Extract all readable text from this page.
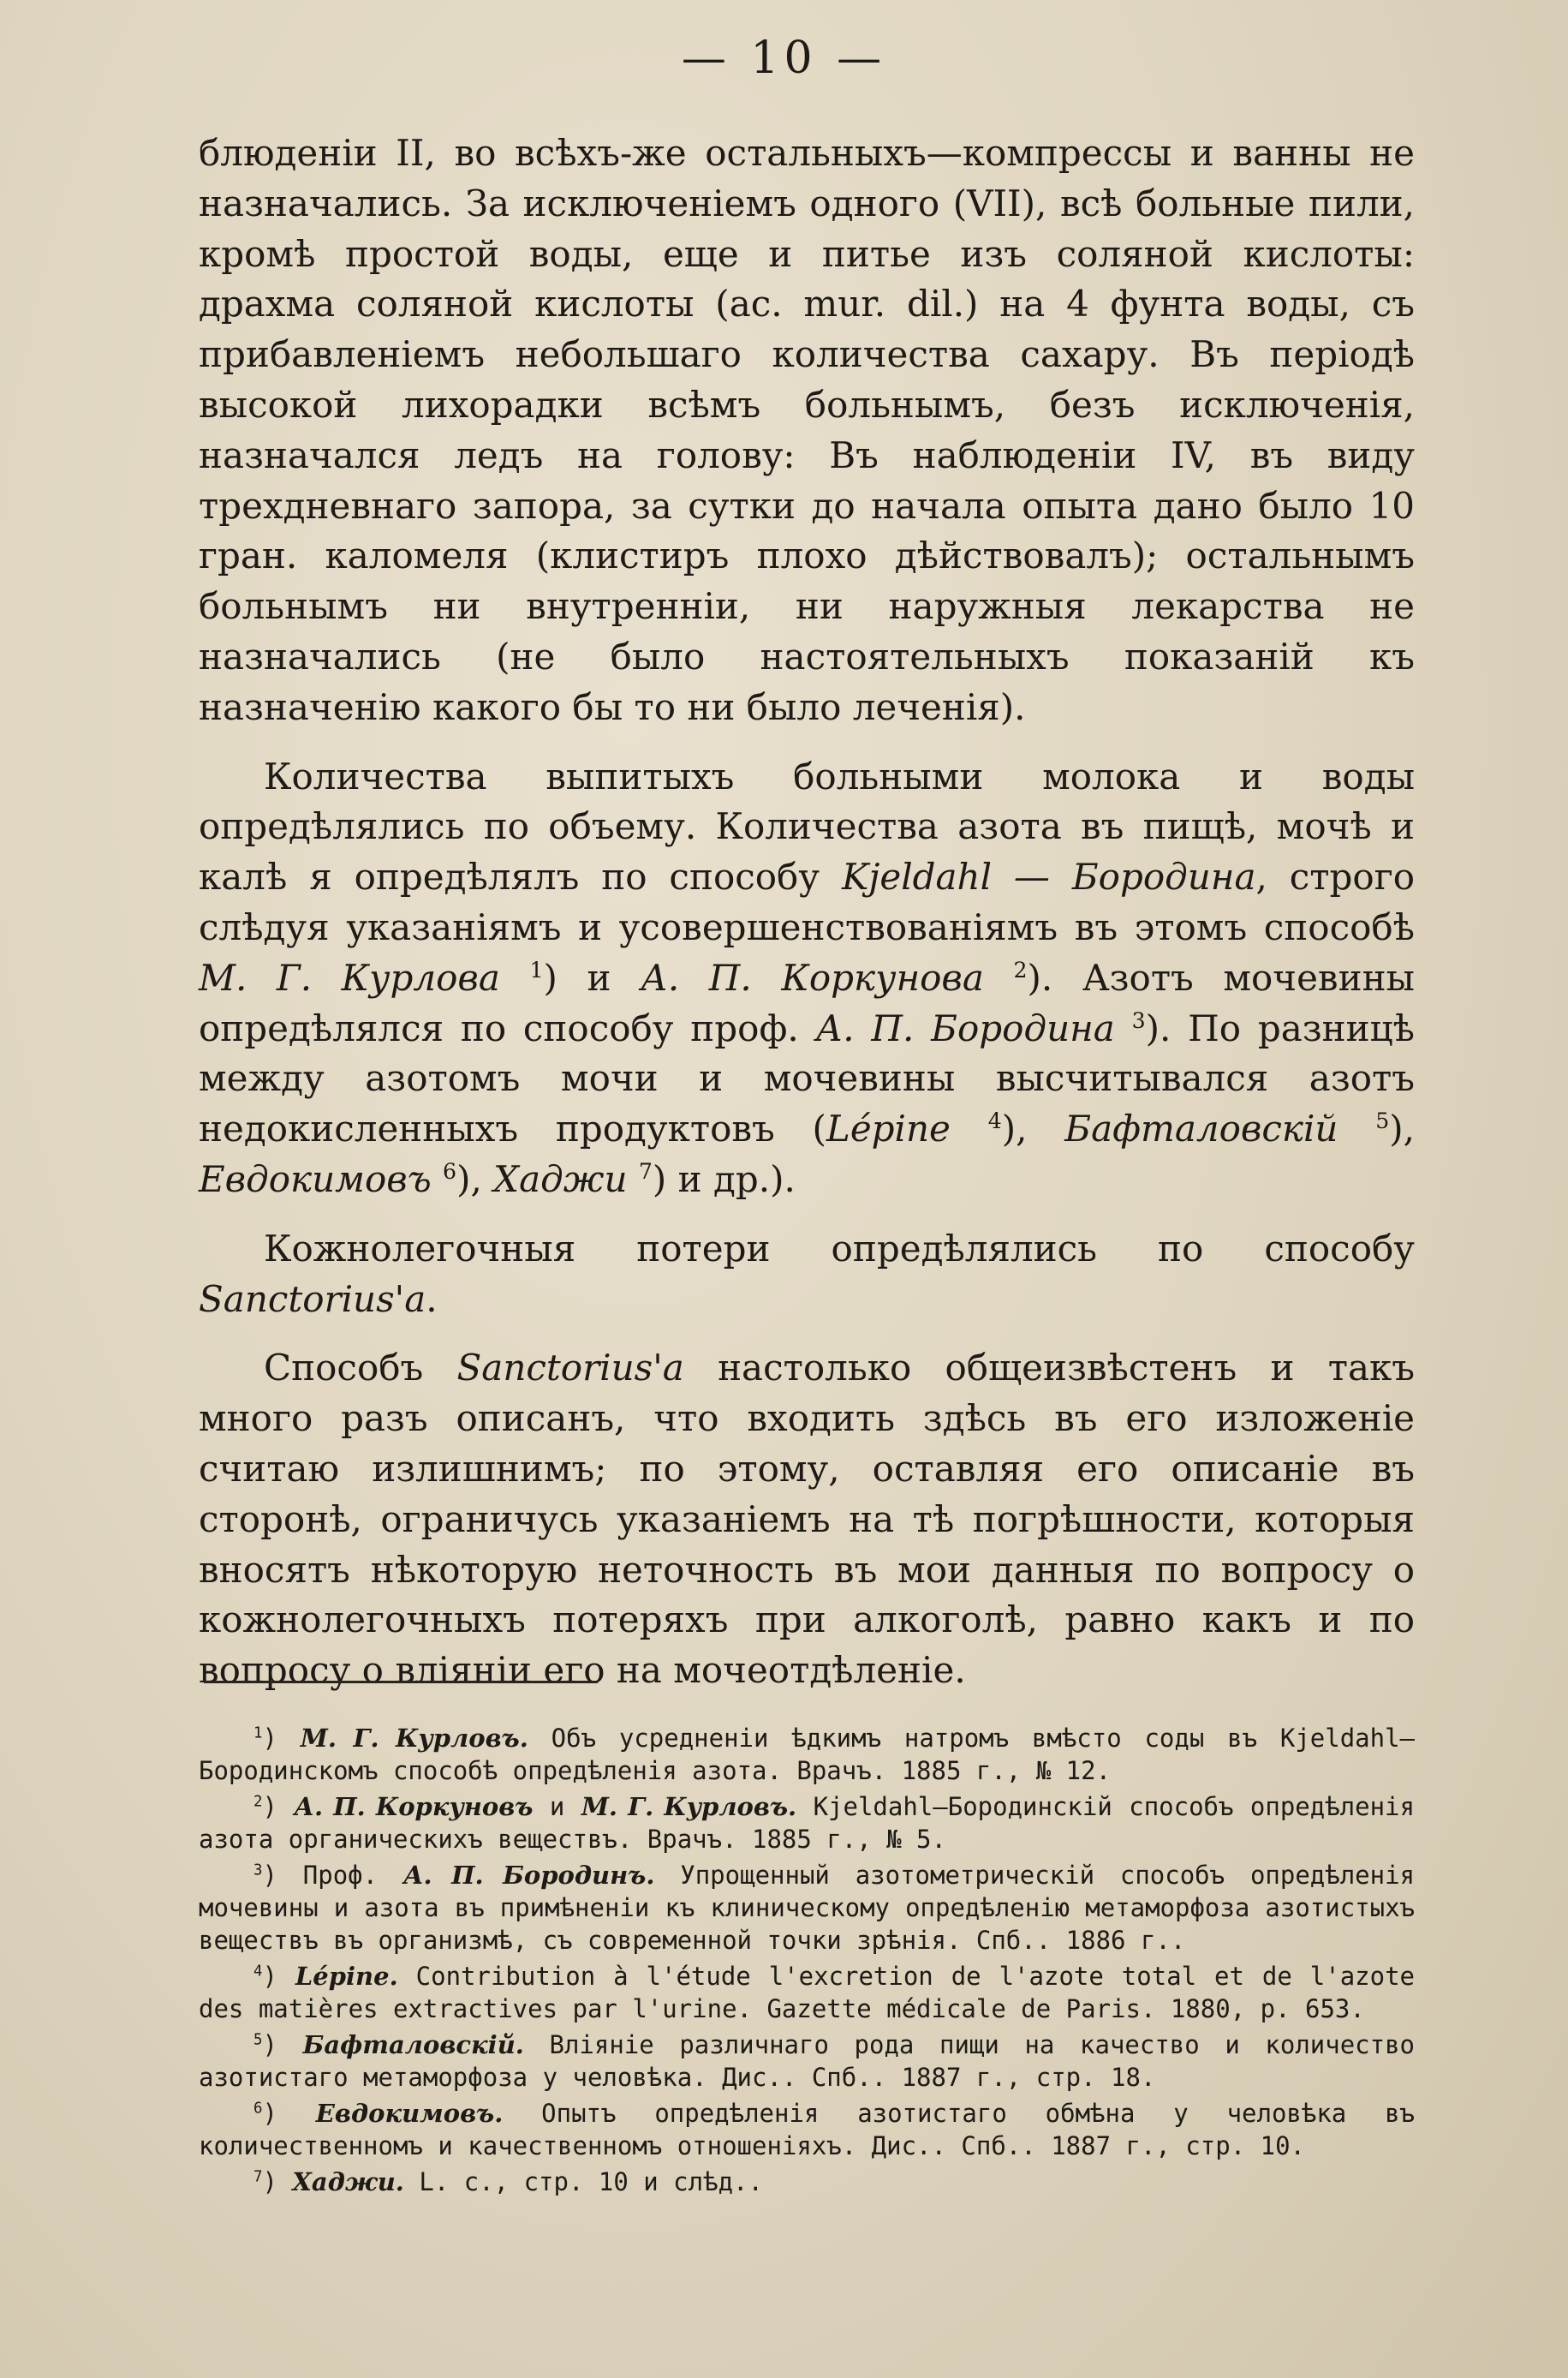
— 10 —

блюденіи II, во всѣхъ-же остальныхъ—компрессы и ванны не назначались. За исключеніемъ одного (VII), всѣ больные пили, кромѣ простой воды, еще и питье изъ соляной кислоты: драхма соляной кислоты (ac. mur. dil.) на 4 фунта воды, съ прибавленіемъ небольшаго количества сахару. Въ періодѣ высокой лихорадки всѣмъ больнымъ, безъ исключенія, назначался ледъ на голову: Въ наблюденіи IV, въ виду трехдневнаго запора, за сутки до начала опыта дано было 10 гран. каломеля (клистиръ плохо дѣйствовалъ); остальнымъ больнымъ ни внутренніи, ни наружныя лекарства не назначались (не было настоятельныхъ показаній къ назначенію какого бы то ни было леченія).

Количества выпитыхъ больными молока и воды опредѣлялись по объему. Количества азота въ пищѣ, мочѣ и калѣ я опредѣлялъ по способу Kjeldahl — Бородина, строго слѣдуя указаніямъ и усовершенствованіямъ въ этомъ способѣ М. Г. Курлова $^1$) и А. П. Коркунова $^2$). Азотъ мочевины опредѣлялся по способу проф. А. П. Бородина $^3$). По разницѣ между азотомъ мочи и мочевины высчитывался азотъ недокисленныхъ продуктовъ (Lépine $^4$), Бафталовскій $^5$), Евдокимовъ $^6$), Хаджи $^7$) и др.).

Кожнолегочныя потери опредѣлялись по способу Sanctorius'a.

Способъ Sanctorius'a настолько общеизвѣстенъ и такъ много разъ описанъ, что входить здѣсь въ его изложеніе считаю излишнимъ; по этому, оставляя его описаніе въ сторонѣ, ограничусь указаніемъ на тѣ погрѣшности, которыя вносятъ нѣкоторую неточность въ мои данныя по вопросу о кожнолегочныхъ потеряхъ при алкоголѣ, равно какъ и по вопросу о вліяніи его на мочеотдѣленіе.

$^1$) М. Г. Курловъ. Объ усредненіи ѣдкимъ натромъ вмѣсто соды въ Kjeldahl—Бородинскомъ способѣ опредѣленія азота. Врачъ. 1885 г., № 12.

$^2$) А. П. Коркуновъ и М. Г. Курловъ. Kjeldahl—Бородинскій способъ опредѣленія азота органическихъ веществъ. Врачъ. 1885 г., № 5.

$^3$) Проф. А. П. Бородинъ. Упрощенный азотометрическій способъ опредѣленія мочевины и азота въ примѣненіи къ клиническому опредѣленію метаморфоза азотистыхъ веществъ въ организмѣ, съ современной точки зрѣнія. Спб.. 1886 г..

$^4$) Lépine. Contribution à l'étude l'excretion de l'azote total et de l'azote des matières extractives par l'urine. Gazette médicale de Paris. 1880, p. 653.

$^5$) Бафталовскій. Вліяніе различнаго рода пищи на качество и количество азотистаго метаморфоза у человѣка. Дис.. Спб.. 1887 г., стр. 18.

$^6$) Евдокимовъ. Опытъ опредѣленія азотистаго обмѣна у человѣка въ количественномъ и качественномъ отношеніяхъ. Дис.. Спб.. 1887 г., стр. 10.

$^7$) Хаджи. L. c., стр. 10 и слѣд..
